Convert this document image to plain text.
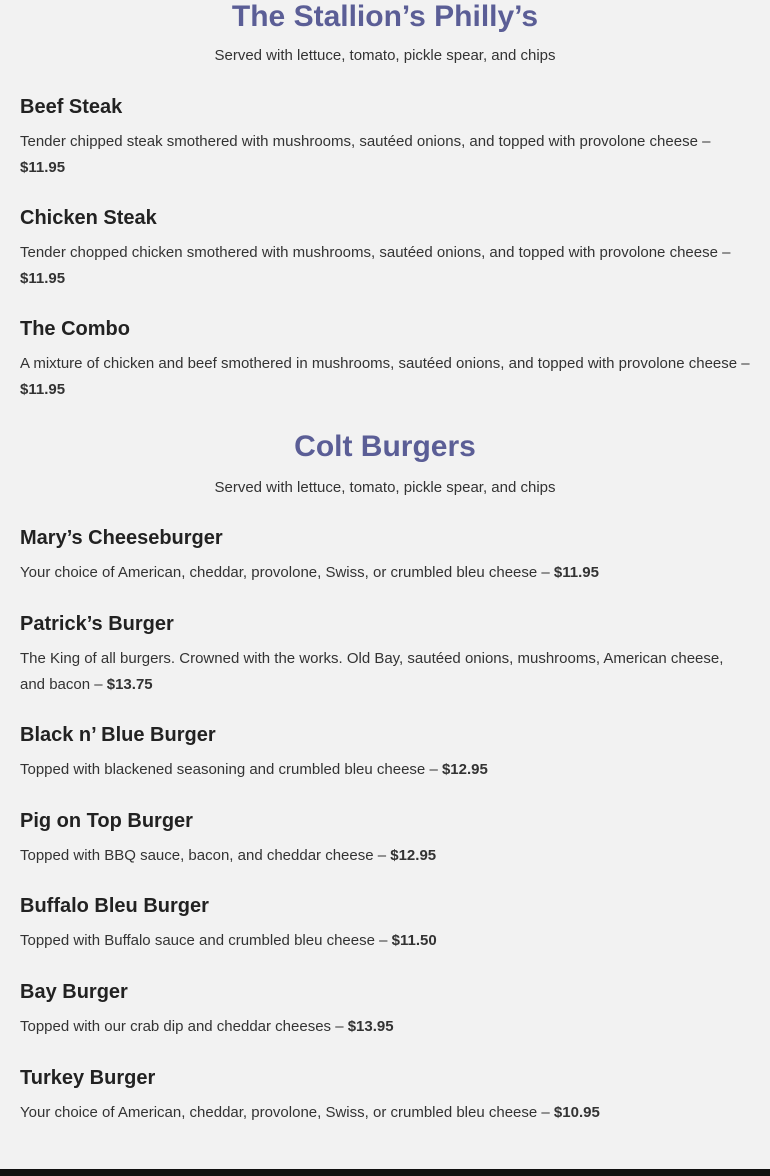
The Stallion’s Philly’s

Served with lettuce, tomato, pickle spear, and chips

Beef Steak

Tender chipped steak smothered with mushrooms, sautéed onions, and topped with provolone cheese – $11.95

Chicken Steak

Tender chopped chicken smothered with mushrooms, sautéed onions, and topped with provolone cheese – $11.95

The Combo

A mixture of chicken and beef smothered in mushrooms, sautéed onions, and topped with provolone cheese – $11.95

Colt Burgers

Served with lettuce, tomato, pickle spear, and chips

Mary’s Cheeseburger

Your choice of American, cheddar, provolone, Swiss, or crumbled bleu cheese – $11.95

Patrick’s Burger

The King of all burgers. Crowned with the works. Old Bay, sautéed onions, mushrooms, American cheese, and bacon – $13.75

Black n’ Blue Burger

Topped with blackened seasoning and crumbled bleu cheese – $12.95

Pig on Top Burger

Topped with BBQ sauce, bacon, and cheddar cheese – $12.95

Buffalo Bleu Burger

Topped with Buffalo sauce and crumbled bleu cheese – $11.50

Bay Burger

Topped with our crab dip and cheddar cheeses – $13.95

Turkey Burger

Your choice of American, cheddar, provolone, Swiss, or crumbled bleu cheese – $10.95
